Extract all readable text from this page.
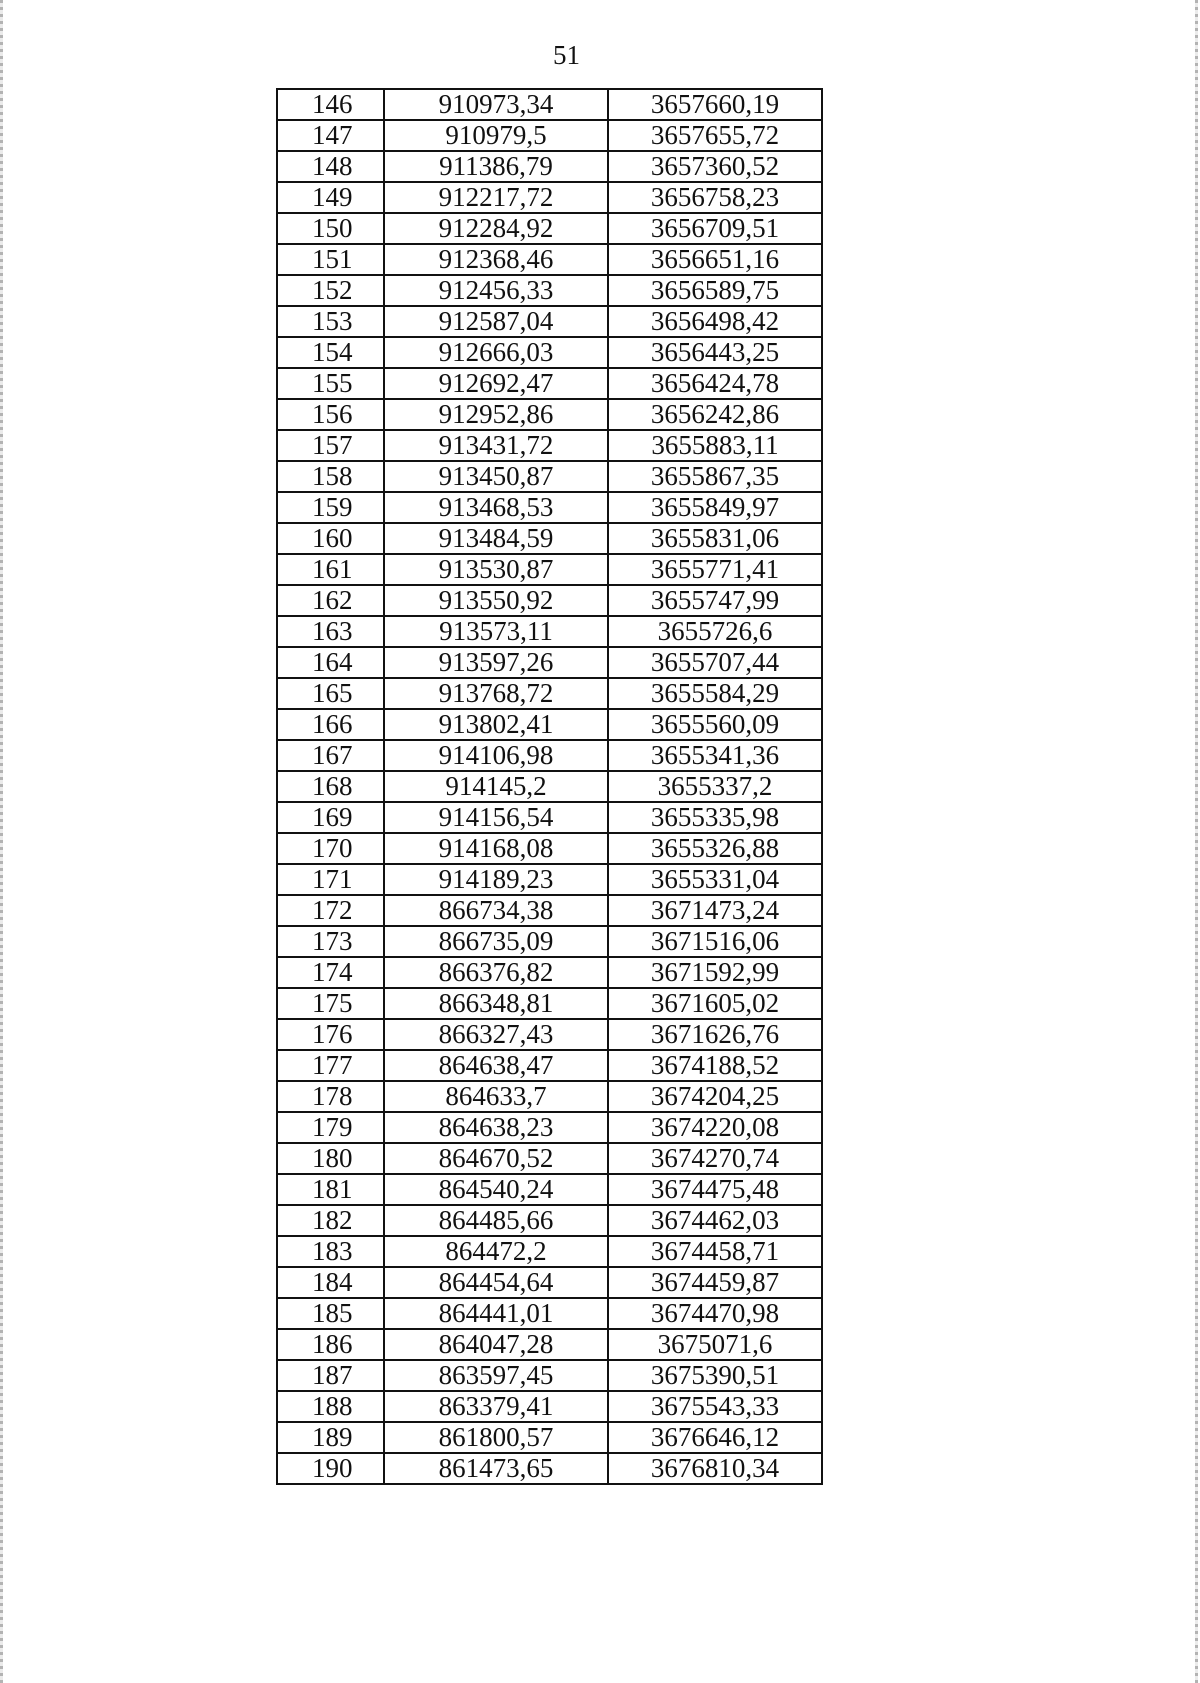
51
146	910973,34	3657660,19
147	910979,5	3657655,72
148	911386,79	3657360,52
149	912217,72	3656758,23
150	912284,92	3656709,51
151	912368,46	3656651,16
152	912456,33	3656589,75
153	912587,04	3656498,42
154	912666,03	3656443,25
155	912692,47	3656424,78
156	912952,86	3656242,86
157	913431,72	3655883,11
158	913450,87	3655867,35
159	913468,53	3655849,97
160	913484,59	3655831,06
161	913530,87	3655771,41
162	913550,92	3655747,99
163	913573,11	3655726,6
164	913597,26	3655707,44
165	913768,72	3655584,29
166	913802,41	3655560,09
167	914106,98	3655341,36
168	914145,2	3655337,2
169	914156,54	3655335,98
170	914168,08	3655326,88
171	914189,23	3655331,04
172	866734,38	3671473,24
173	866735,09	3671516,06
174	866376,82	3671592,99
175	866348,81	3671605,02
176	866327,43	3671626,76
177	864638,47	3674188,52
178	864633,7	3674204,25
179	864638,23	3674220,08
180	864670,52	3674270,74
181	864540,24	3674475,48
182	864485,66	3674462,03
183	864472,2	3674458,71
184	864454,64	3674459,87
185	864441,01	3674470,98
186	864047,28	3675071,6
187	863597,45	3675390,51
188	863379,41	3675543,33
189	861800,57	3676646,12
190	861473,65	3676810,34
